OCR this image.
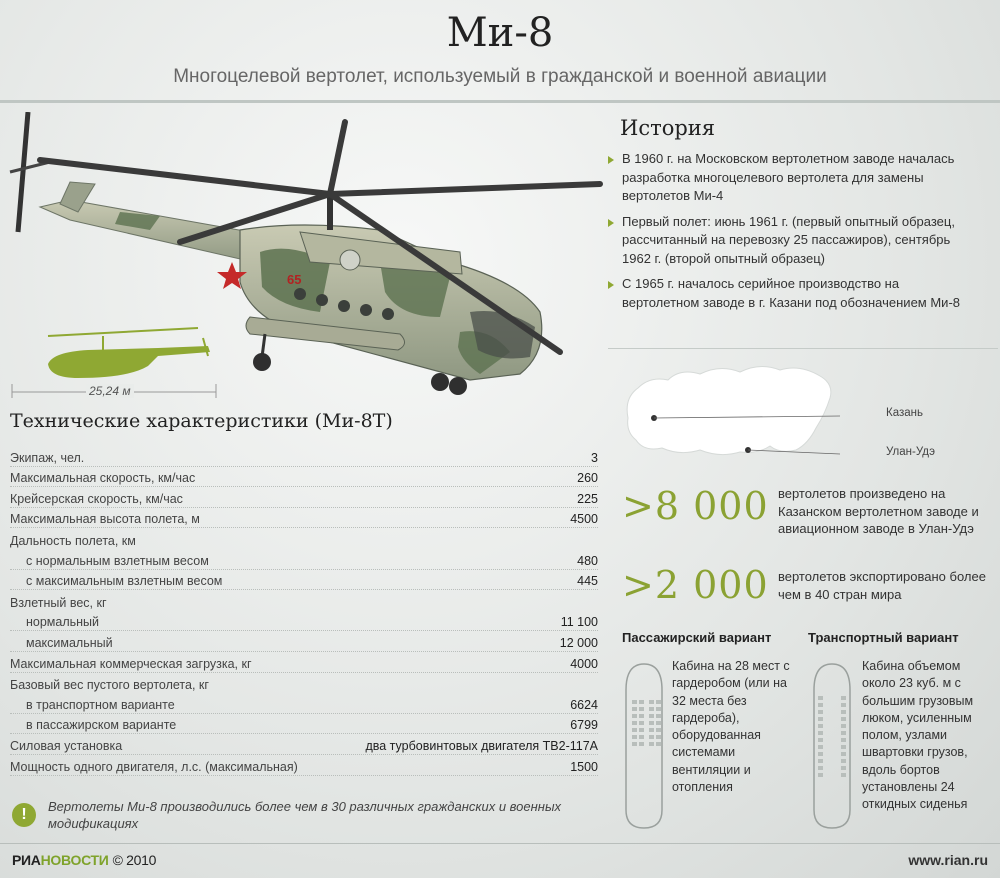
Ми-8
Многоцелевой вертолет, используемый в гражданской и военной авиации
65
25,24 м
Технические характеристики (Ми-8Т)
Экипаж, чел.	3
Максимальная скорость, км/час	260
Крейсерская скорость, км/час	225
Максимальная высота полета, м	4500
Дальность полета, км
с нормальным взлетным весом	480
с максимальным взлетным весом	445
Взлетный вес, кг
нормальный	11 100
максимальный	12 000
Максимальная коммерческая загрузка, кг	4000
Базовый вес пустого вертолета, кг
в транспортном варианте	6624
в пассажирском варианте	6799
Силовая установка	два турбовинтовых двигателя ТВ2-117А
Мощность одного двигателя, л.с. (максимальная)	1500
!	Вертолеты Ми-8 производились более чем в 30 различных гражданских и военных модификациях
История
В 1960 г. на Московском вертолетном заводе началась разработка многоцелевого вертолета для замены вертолетов Ми-4
Первый полет: июнь 1961 г. (первый опытный образец, рассчитанный на перевозку 25 пассажиров), сентябрь 1962 г. (второй опытный образец)
С 1965 г. началось серийное производство на вертолетном заводе в г. Казани под обозначением Ми-8
Казань
Улан-Удэ
>8 000 вертолетов произведено на Казанском вертолетном заводе и авиационном заводе в Улан-Удэ
>2 000 вертолетов экспортировано более чем в 40 стран мира
Пассажирский вариант	Транспортный вариант
Кабина на 28 мест с гардеробом (или на 32 места без гардероба), оборудованная системами вентиляции и отопления
Кабина объемом около 23 куб. м с большим грузовым люком, усиленным полом, узлами швартовки грузов, вдоль бортов установлены 24 откидных сиденья
РИАНОВОСТИ © 2010	www.rian.ru
